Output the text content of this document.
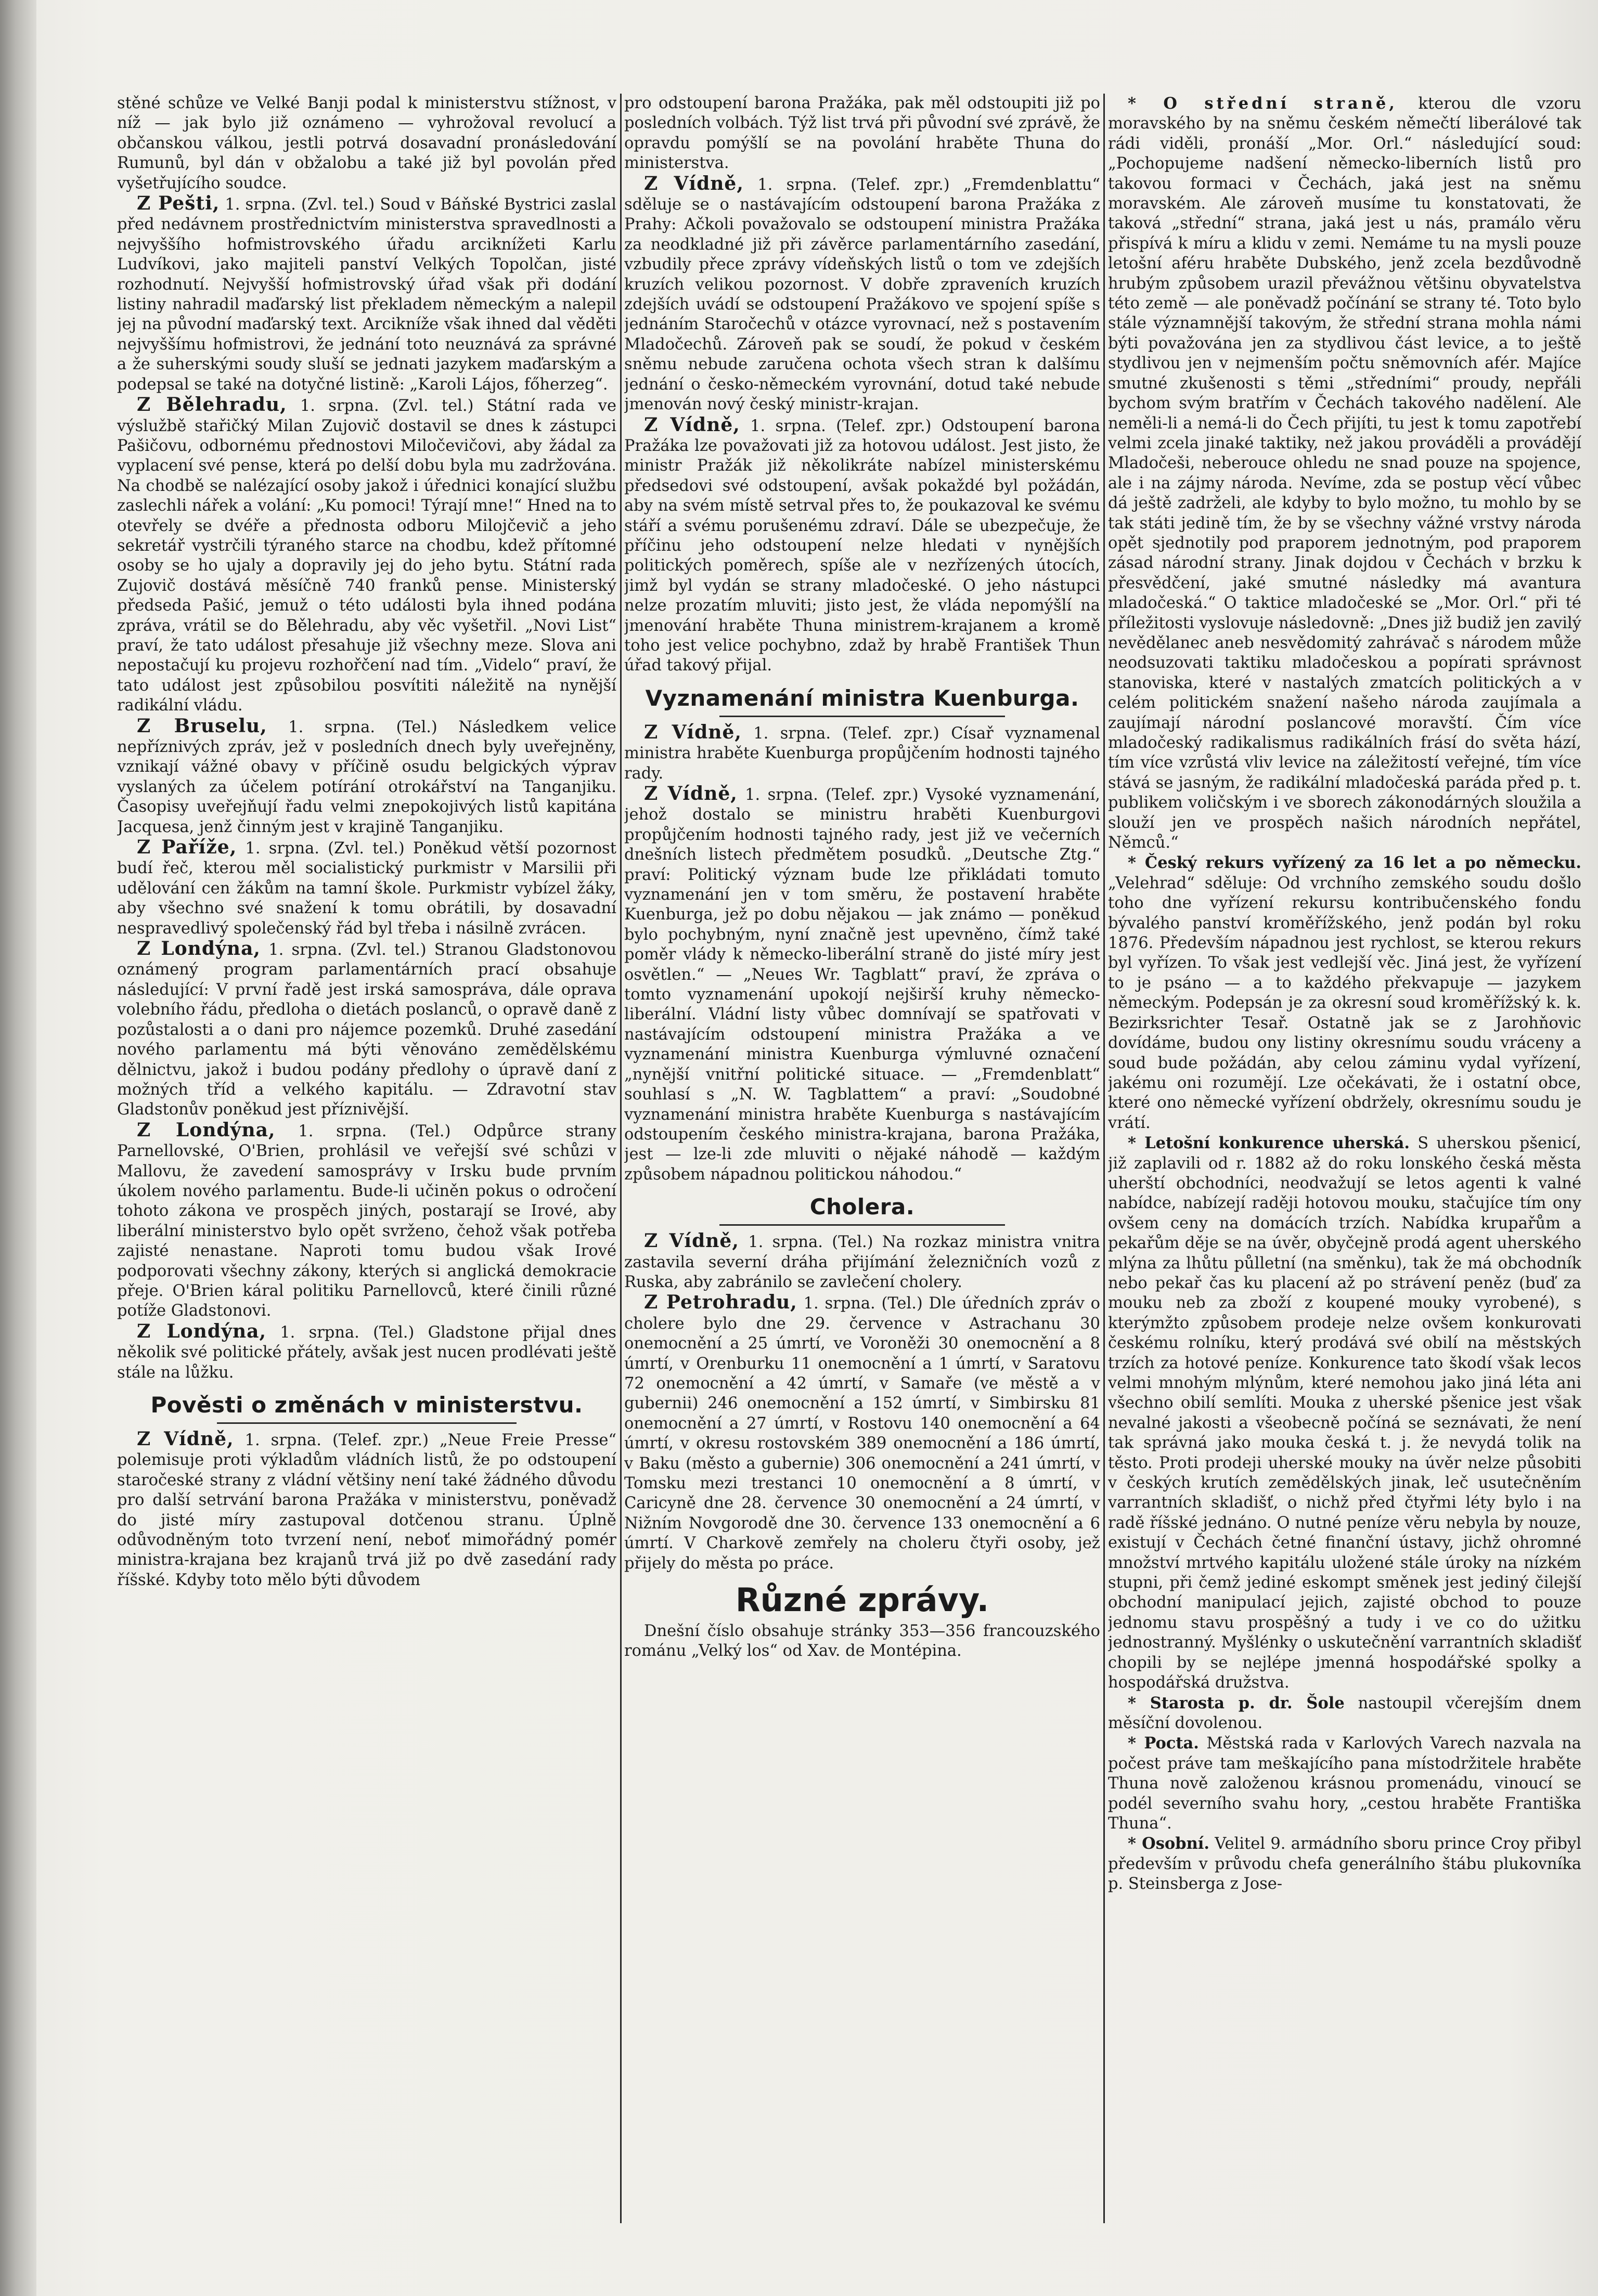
stěné schůze ve Velké Banji podal k ministerstvu stížnost, v níž — jak bylo již oznámeno — vyhrožoval revolucí a občanskou válkou, jestli potrvá dosavadní pronásledování Rumunů, byl dán v obžalobu a také již byl povolán před vyšetřujícího soudce.

Z Pešti, 1. srpna. (Zvl. tel.) Soud v Báňské Bystrici zaslal před nedávnem prostřednictvím ministerstva spravedlnosti a nejvyššího hofmistrovského úřadu arciknížeti Karlu Ludvíkovi, jako majiteli panství Velkých Topolčan, jisté rozhodnutí. Nejvyšší hofmistrovský úřad však při dodání listiny nahradil maďarský list překladem německým a nalepil jej na původní maďarský text. Arcikníže však ihned dal věděti nejvyššímu hofmistrovi, že jednání toto neuznává za správné a že suherskými soudy sluší se jednati jazykem maďarským a podepsal se také na dotyčné listině: „Karoli Lájos, főherzeg“.

Z Bělehradu, 1. srpna. (Zvl. tel.) Státní rada ve výslužbě stařičký Milan Zujovič dostavil se dnes k zástupci Pašičovu, odbornému přednostovi Miločevičovi, aby žádal za vyplacení své pense, která po delší dobu byla mu zadržována. Na chodbě se nalézající osoby jakož i úřednici konající službu zaslechli nářek a volání: „Ku pomoci! Týrají mne!“ Hned na to otevřely se dvéře a přednosta odboru Milojčevič a jeho sekretář vystrčili týraného starce na chodbu, kdež přítomné osoby se ho ujaly a dopravily jej do jeho bytu. Státní rada Zujovič dostává měsíčně 740 franků pense. Ministerský předseda Pašić, jemuž o této události byla ihned podána zpráva, vrátil se do Bělehradu, aby věc vyšetřil. „Novi List“ praví, že tato událost přesahuje již všechny meze. Slova ani nepostačují ku projevu rozhořčení nad tím. „Videlo“ praví, že tato událost jest způsobilou posvítiti náležitě na nynější radikální vládu.

Z Bruselu, 1. srpna. (Tel.) Následkem velice nepříznivých zpráv, jež v posledních dnech byly uveřejněny, vznikají vážné obavy v příčině osudu belgických výprav vyslaných za účelem potírání otrokářství na Tanganjiku. Časopisy uveřejňují řadu velmi znepokojivých listů kapitána Jacquesa, jenž činným jest v krajině Tanganjiku.

Z Paříže, 1. srpna. (Zvl. tel.) Poněkud větší pozornost budí řeč, kterou měl socialistický purkmistr v Marsilii při udělování cen žákům na tamní škole. Purkmistr vybízel žáky, aby všechno své snažení k tomu obrátili, by dosavadní nespravedlivý společenský řád byl třeba i násilně zvrácen.

Z Londýna, 1. srpna. (Zvl. tel.) Stranou Gladstonovou oznámený program parlamentárních prací obsahuje následující: V první řadě jest irská samospráva, dále oprava volebního řádu, předloha o dietách poslanců, o opravě daně z pozůstalosti a o dani pro nájemce pozemků. Druhé zasedání nového parlamentu má býti věnováno zemědělskému dělnictvu, jakož i budou podány předlohy o úpravě daní z možných tříd a velkého kapitálu. — Zdravotní stav Gladstonův poněkud jest příznivější.

Z Londýna, 1. srpna. (Tel.) Odpůrce strany Parnellovské, O'Brien, prohlásil ve veřejší své schůzi v Mallovu, že zavedení samosprávy v Irsku bude prvním úkolem nového parlamentu. Bude-li učiněn pokus o odročení tohoto zákona ve prospěch jiných, postarají se Irové, aby liberální ministerstvo bylo opět svrženo, čehož však potřeba zajisté nenastane. Naproti tomu budou však Irové podporovati všechny zákony, kterých si anglická demokracie přeje. O'Brien káral politiku Parnellovců, které činili různé potíže Gladstonovi.

Z Londýna, 1. srpna. (Tel.) Gladstone přijal dnes několik své politické přátely, avšak jest nucen prodlévati ještě stále na lůžku.

Pověsti o změnách v ministerstvu.

Z Vídně, 1. srpna. (Telef. zpr.) „Neue Freie Presse“ polemisuje proti výkladům vládních listů, že po odstoupení staročeské strany z vládní většiny není také žádného důvodu pro další setrvání barona Pražáka v ministerstvu, poněvadž do jisté míry zastupoval dotčenou stranu. Úplně odůvodněným toto tvrzení není, neboť mimořádný pomér ministra-krajana bez krajanů trvá již po dvě zasedání rady říšské. Kdyby toto mělo býti důvodem

pro odstoupení barona Pražáka, pak měl odstoupiti již po posledních volbách. Týž list trvá při původní své zprávě, že opravdu pomýšlí se na povolání hraběte Thuna do ministerstva.

Z Vídně, 1. srpna. (Telef. zpr.) „Fremdenblattu“ sděluje se o nastávajícím odstoupení barona Pražáka z Prahy: Ačkoli považovalo se odstoupení ministra Pražáka za neodkladné již při závěrce parlamentárního zasedání, vzbudily přece zprávy vídeňských listů o tom ve zdejších kruzích velikou pozornost. V dobře zpraveních kruzích zdejších uvádí se odstoupení Pražákovo ve spojení spíše s jednáním Staročechů v otázce vyrovnací, než s postavením Mladočechů. Zároveň pak se soudí, že pokud v českém sněmu nebude zaručena ochota všech stran k dalšímu jednání o česko-německém vyrovnání, dotud také nebude jmenován nový český ministr-krajan.

Z Vídně, 1. srpna. (Telef. zpr.) Odstoupení barona Pražáka lze považovati již za hotovou událost. Jest jisto, že ministr Pražák již několikráte nabízel ministerskému předsedovi své odstoupení, avšak pokaždé byl požádán, aby na svém místě setrval přes to, že poukazoval ke svému stáří a svému porušenému zdraví. Dále se ubezpečuje, že příčinu jeho odstoupení nelze hledati v nynějších politických poměrech, spíše ale v nezřízených útocích, jimž byl vydán se strany mladočeské. O jeho nástupci nelze prozatím mluviti; jisto jest, že vláda nepomýšlí na jmenování hraběte Thuna ministrem-krajanem a kromě toho jest velice pochybno, zdaž by hrabě František Thun úřad takový přijal.

Vyznamenání ministra Kuenburga.

Z Vídně, 1. srpna. (Telef. zpr.) Císař vyznamenal ministra hraběte Kuenburga propůjčením hodnosti tajného rady.

Z Vídně, 1. srpna. (Telef. zpr.) Vysoké vyznamenání, jehož dostalo se ministru hraběti Kuenburgovi propůjčením hodnosti tajného rady, jest již ve večerních dnešních listech předmětem posudků. „Deutsche Ztg.“ praví: Politický význam bude lze přikládati tomuto vyznamenání jen v tom směru, že postavení hraběte Kuenburga, jež po dobu nějakou — jak známo — poněkud bylo pochybným, nyní značně jest upevněno, čímž také poměr vlády k německo-liberální straně do jisté míry jest osvětlen.“ — „Neues Wr. Tagblatt“ praví, že zpráva o tomto vyznamenání upokojí nejširší kruhy německo-liberální. Vládní listy vůbec domnívají se spatřovati v nastávajícím odstoupení ministra Pražáka a ve vyznamenání ministra Kuenburga výmluvné označení „nynější vnitřní politické situace. — „Fremdenblatt“ souhlasí s „N. W. Tagblattem“ a praví: „Soudobné vyznamenání ministra hraběte Kuenburga s nastávajícím odstoupením českého ministra-krajana, barona Pražáka, jest — lze-li zde mluviti o nějaké náhodě — každým způsobem nápadnou politickou náhodou.“

Cholera.

Z Vídně, 1. srpna. (Tel.) Na rozkaz ministra vnitra zastavila severní dráha přijímání železničních vozů z Ruska, aby zabránilo se zavlečení cholery.

Z Petrohradu, 1. srpna. (Tel.) Dle úředních zpráv o cholere bylo dne 29. července v Astrachanu 30 onemocnění a 25 úmrtí, ve Voroněži 30 onemocnění a 8 úmrtí, v Orenburku 11 onemocnění a 1 úmrtí, v Saratovu 72 onemocnění a 42 úmrtí, v Samaře (ve městě a v gubernii) 246 onemocnění a 152 úmrtí, v Simbirsku 81 onemocnění a 27 úmrtí, v Rostovu 140 onemocnění a 64 úmrtí, v okresu rostovském 389 onemocnění a 186 úmrtí, v Baku (město a gubernie) 306 onemocnění a 241 úmrtí, v Tomsku mezi trestanci 10 onemocnění a 8 úmrtí, v Caricyně dne 28. července 30 onemocnění a 24 úmrtí, v Nižním Novgorodě dne 30. července 133 onemocnění a 6 úmrtí. V Charkově zemřely na choleru čtyři osoby, jež přijely do města po práce.

Různé zprávy.

Dnešní číslo obsahuje stránky 353—356 francouzského románu „Velký los“ od Xav. de Montépina.

* O střední straně, kterou dle vzoru moravského by na sněmu českém němečtí liberálové tak rádi viděli, pronáší „Mor. Orl.“ následující soud: „Pochopujeme nadšení německo-liberních listů pro takovou formaci v Čechách, jaká jest na sněmu moravském. Ale zároveň musíme tu konstatovati, že taková „střední“ strana, jaká jest u nás, pramálo věru přispívá k míru a klidu v zemi. Nemáme tu na mysli pouze letošní aféru hraběte Dubského, jenž zcela bezdůvodně hrubým způsobem urazil převážnou většinu obyvatelstva této země — ale poněvadž počínání se strany té. Toto bylo stále významnější takovým, že střední strana mohla námi býti považována jen za stydlivou část levice, a to ještě stydlivou jen v nejmenším počtu sněmovních afér. Majíce smutné zkušenosti s těmi „středními“ proudy, nepřáli bychom svým bratřím v Čechách takového nadělení. Ale neměli-li a nemá-li do Čech přijíti, tu jest k tomu zapotřebí velmi zcela jinaké taktiky, než jakou prováděli a provádějí Mladočeši, neberouce ohledu ne snad pouze na spojence, ale i na zájmy národa. Nevíme, zda se postup věcí vůbec dá ještě zadrželi, ale kdyby to bylo možno, tu mohlo by se tak státi jedině tím, že by se všechny vážné vrstvy národa opět sjednotily pod praporem jednotným, pod praporem zásad národní strany. Jinak dojdou v Čechách v brzku k přesvědčení, jaké smutné následky má avantura mladočeská.“ O taktice mladočeské se „Mor. Orl.“ při té příležitosti vyslovuje následovně: „Dnes již budiž jen zavilý nevědělanec aneb nesvědomitý zahrávač s národem může neodsuzovati taktiku mladočeskou a popírati správnost stanoviska, které v nastalých zmatcích politických a v celém politickém snažení našeho národa zaujímala a zaujímají národní poslancové moravští. Čím více mladočeský radikalismus radikálních frásí do světa hází, tím více vzrůstá vliv levice na záležitostí veřejné, tím více stává se jasným, že radikální mladočeská paráda před p. t. publikem voličským i ve sborech zákonodárných sloužila a slouží jen ve prospěch našich národních nepřátel, Němců.“

* Český rekurs vyřízený za 16 let a po německu. „Velehrad“ sděluje: Od vrchního zemského soudu došlo toho dne vyřízení rekursu kontribučenského fondu bývalého panství kroměřížského, jenž podán byl roku 1876. Především nápadnou jest rychlost, se kterou rekurs byl vyřízen. To však jest vedlejší věc. Jiná jest, že vyřízení to je psáno — a to každého překvapuje — jazykem německým. Podepsán je za okresní soud kroměřížský k. k. Bezirksrichter Tesař. Ostatně jak se z Jarohňovic dovídáme, budou ony listiny okresnímu soudu vráceny a soud bude požádán, aby celou záminu vydal vyřízení, jakému oni rozumějí. Lze očekávati, že i ostatní obce, které ono německé vyřízení obdržely, okresnímu soudu je vrátí.

* Letošní konkurence uherská. S uherskou pšenicí, již zaplavili od r. 1882 až do roku lonského česká města uherští obchodníci, neodvažují se letos agenti k valné nabídce, nabízejí raději hotovou mouku, stačujíce tím ony ovšem ceny na domácích trzích. Nabídka krupařům a pekařům děje se na úvěr, obyčejně prodá agent uherského mlýna za lhůtu půlletní (na směnku), tak že má obchodník nebo pekař čas ku placení až po strávení peněz (buď za mouku neb za zboží z koupené mouky vyrobené), s kterýmžto způsobem prodeje nelze ovšem konkurovati českému rolníku, který prodává své obilí na městských trzích za hotové peníze. Konkurence tato škodí však lecos velmi mnohým mlýnům, které nemohou jako jiná léta ani všechno obilí semlíti. Mouka z uherské pšenice jest však nevalné jakosti a všeobecně počíná se seznávati, že není tak správná jako mouka česká t. j. že nevydá tolik na těsto. Proti prodeji uherské mouky na úvěr nelze působiti v českých krutích zemědělských jinak, leč usutečněním varrantních skladišť, o nichž před čtyřmi léty bylo i na radě říšské jednáno. O nutné peníze věru nebyla by nouze, existují v Čechách četné finanční ústavy, jichž ohromné množství mrtvého kapitálu uložené stále úroky na nízkém stupni, při čemž jediné eskompt směnek jest jediný čilejší obchodní manipulací jejich, zajisté obchod to pouze jednomu stavu prospěšný a tudy i ve co do užitku jednostranný. Myšlénky o uskutečnění varrantních skladišť chopili by se nejlépe jmenná hospodářské spolky a hospodářská družstva.

* Starosta p. dr. Šole nastoupil včerejším dnem měsíční dovolenou.

* Pocta. Městská rada v Karlových Varech nazvala na počest práve tam meškajícího pana místodržitele hraběte Thuna nově založenou krásnou promenádu, vinoucí se podél severního svahu hory, „cestou hraběte Františka Thuna“.

* Osobní. Velitel 9. armádního sboru prince Croy přibyl především v průvodu chefa generálního štábu plukovníka p. Steinsberga z Jose-
